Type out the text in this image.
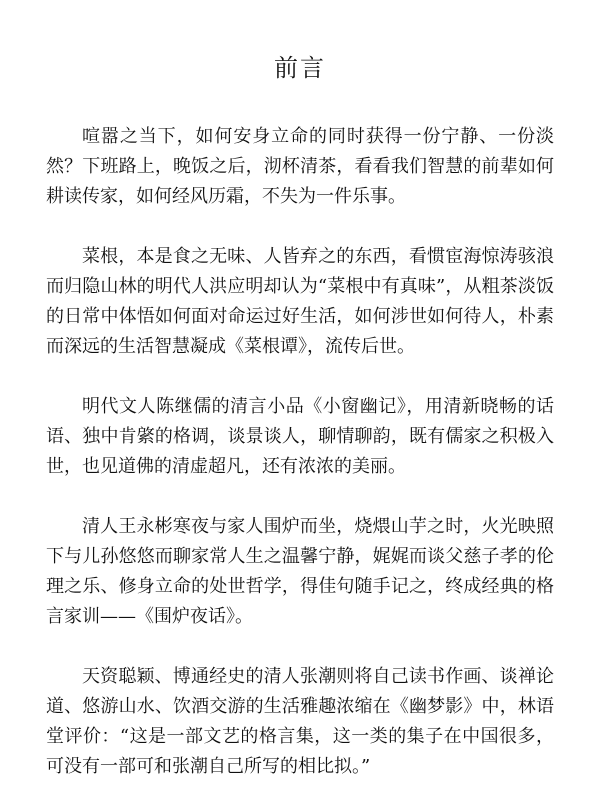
前言

喧嚣之当下，如何安身立命的同时获得一份宁静、一份淡然？下班路上，晚饭之后，沏杯清茶，看看我们智慧的前辈如何耕读传家，如何经风历霜，不失为一件乐事。

菜根，本是食之无味、人皆弃之的东西，看惯宦海惊涛骇浪而归隐山林的明代人洪应明却认为“菜根中有真味”，从粗茶淡饭的日常中体悟如何面对命运过好生活，如何涉世如何待人，朴素而深远的生活智慧凝成《菜根谭》，流传后世。

明代文人陈继儒的清言小品《小窗幽记》，用清新晓畅的话语、独中肯綮的格调，谈景谈人，聊情聊韵，既有儒家之积极入世，也见道佛的清虚超凡，还有浓浓的美丽。

清人王永彬寒夜与家人围炉而坐，烧煨山芋之时，火光映照下与儿孙悠悠而聊家常人生之温馨宁静，娓娓而谈父慈子孝的伦理之乐、修身立命的处世哲学，得佳句随手记之，终成经典的格言家训——《围炉夜话》。

天资聪颖、博通经史的清人张潮则将自己读书作画、谈禅论道、悠游山水、饮酒交游的生活雅趣浓缩在《幽梦影》中，林语堂评价：“这是一部文艺的格言集，这一类的集子在中国很多，可没有一部可和张潮自己所写的相比拟。”
